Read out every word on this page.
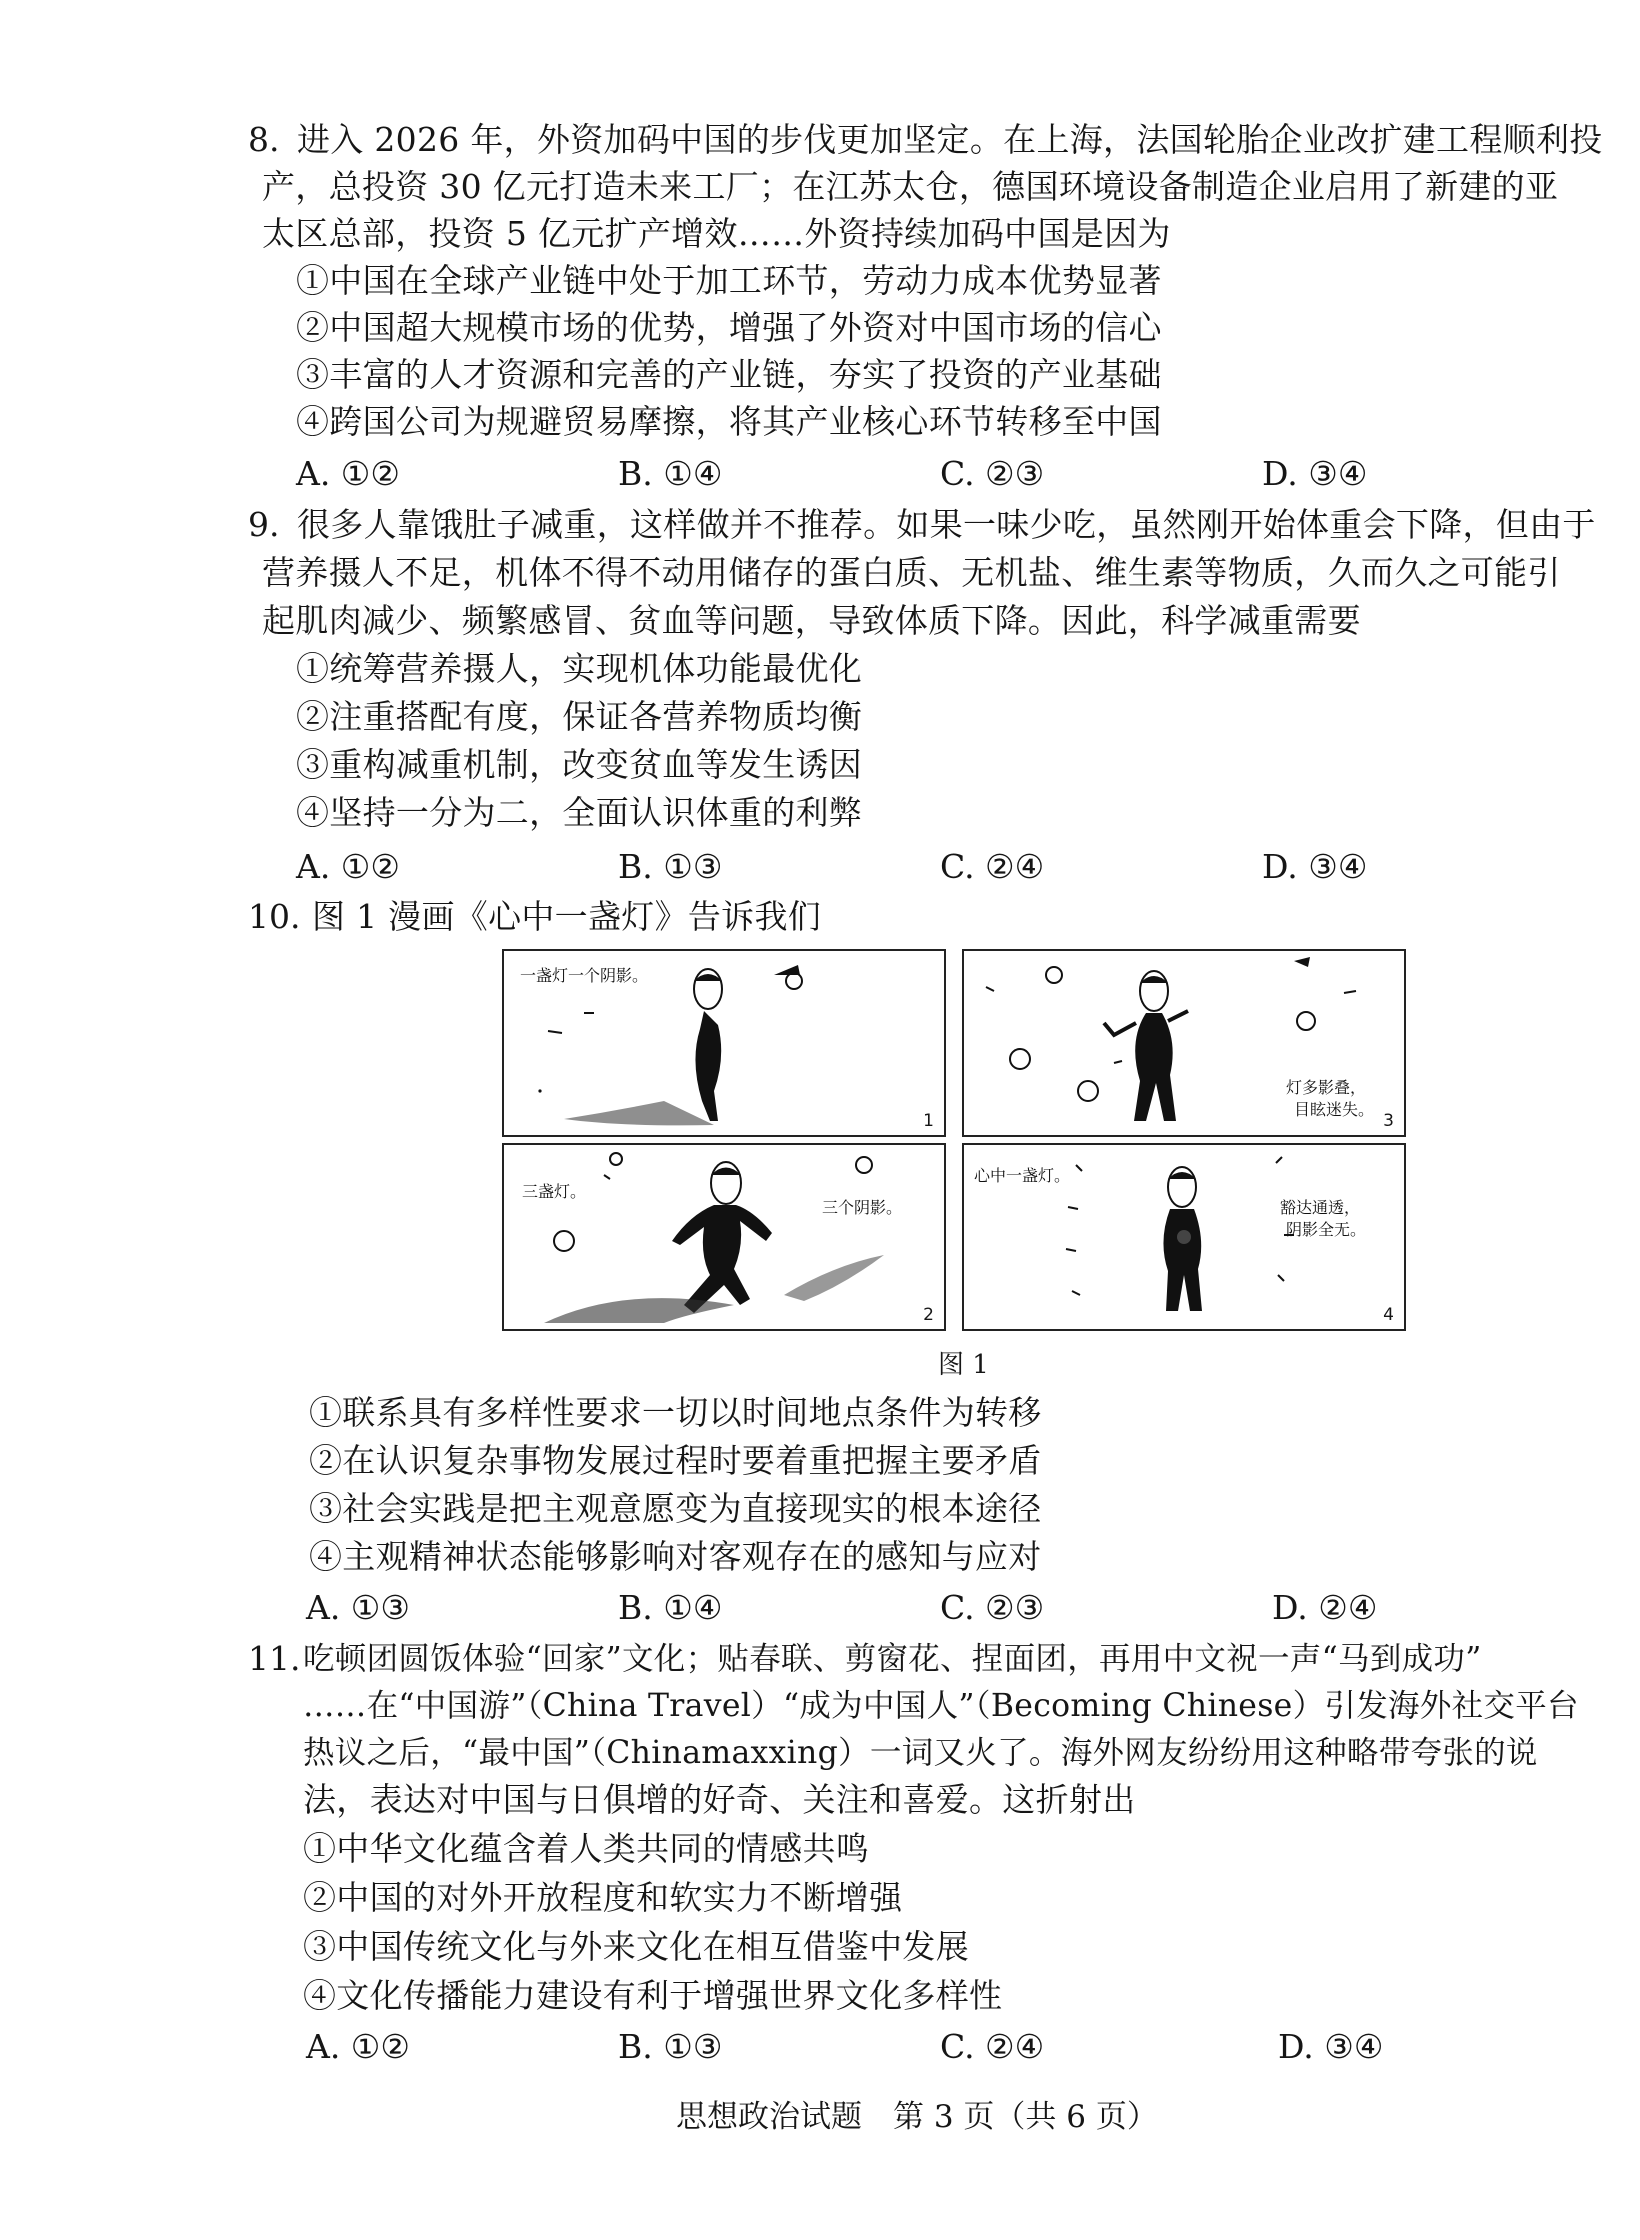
8. 进入 2026 年，外资加码中国的步伐更加坚定。在上海，法国轮胎企业改扩建工程顺利投
产，总投资 30 亿元打造未来工厂；在江苏太仓，德国环境设备制造企业启用了新建的亚
太区总部，投资 5 亿元扩产增效……外资持续加码中国是因为
①中国在全球产业链中处于加工环节，劳动力成本优势显著
②中国超大规模市场的优势，增强了外资对中国市场的信心
③丰富的人才资源和完善的产业链，夯实了投资的产业基础
④跨国公司为规避贸易摩擦，将其产业核心环节转移至中国
A. ①②	B. ①④	C. ②③	D. ③④
9. 很多人靠饿肚子减重，这样做并不推荐。如果一味少吃，虽然刚开始体重会下降，但由于
营养摄人不足，机体不得不动用储存的蛋白质、无机盐、维生素等物质，久而久之可能引
起肌肉减少、频繁感冒、贫血等问题，导致体质下降。因此，科学减重需要
①统筹营养摄人，实现机体功能最优化
②注重搭配有度，保证各营养物质均衡
③重构减重机制，改变贫血等发生诱因
④坚持一分为二，全面认识体重的利弊
A. ①②	B. ①③	C. ②④	D. ③④
10. 图 1 漫画《心中一盏灯》告诉我们
一盏灯一个阴影。
1
灯多影叠，
目眩迷失。
3
三盏灯。
三个阴影。
2
心中一盏灯。
豁达通透，
阴影全无。
4
图 1
①联系具有多样性要求一切以时间地点条件为转移
②在认识复杂事物发展过程时要着重把握主要矛盾
③社会实践是把主观意愿变为直接现实的根本途径
④主观精神状态能够影响对客观存在的感知与应对
A. ①③	B. ①④	C. ②③	D. ②④
11. 吃顿团圆饭体验“回家”文化；贴春联、剪窗花、捏面团，再用中文祝一声“马到成功”
……在“中国游”（China Travel）“成为中国人”（Becoming Chinese）引发海外社交平台
热议之后，“最中国”（Chinamaxxing）一词又火了。海外网友纷纷用这种略带夸张的说
法，表达对中国与日俱增的好奇、关注和喜爱。这折射出
①中华文化蕴含着人类共同的情感共鸣
②中国的对外开放程度和软实力不断增强
③中国传统文化与外来文化在相互借鉴中发展
④文化传播能力建设有利于增强世界文化多样性
A. ①②	B. ①③	C. ②④	D. ③④
思想政治试题　第 3 页（共 6 页）
